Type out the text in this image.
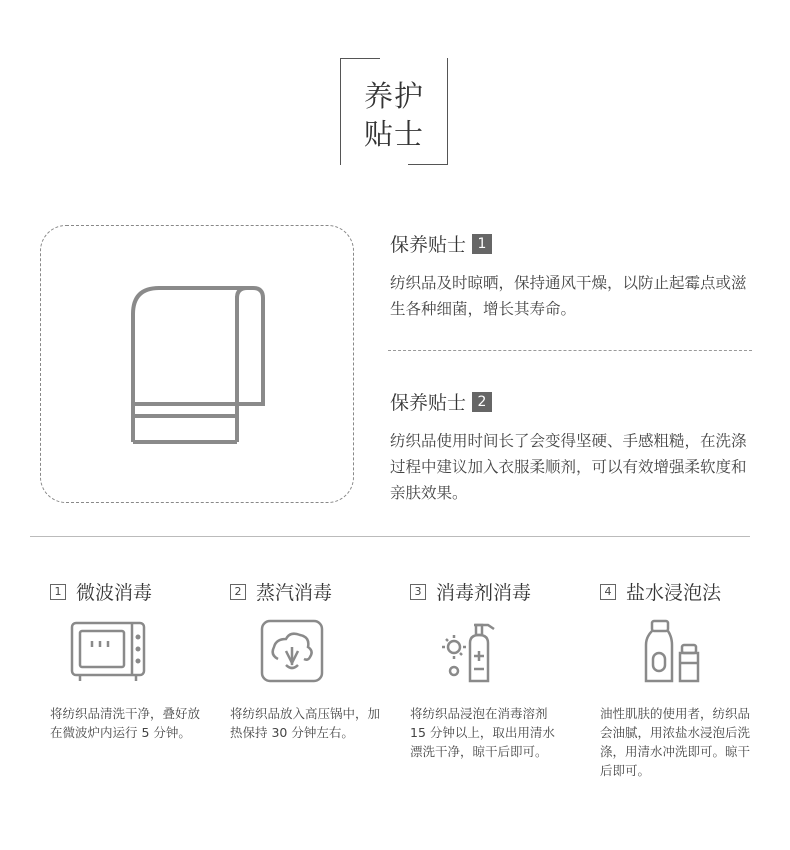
养护
贴士
保养贴士 1
纺织品及时晾晒，保持通风干燥，以防止起霉点或滋生各种细菌，增长其寿命。
保养贴士 2
纺织品使用时间长了会变得坚硬、手感粗糙，在洗涤过程中建议加入衣服柔顺剂，可以有效增强柔软度和亲肤效果。
1 微波消毒
将纺织品清洗干净，叠好放在微波炉内运行 5 分钟。
2 蒸汽消毒
将纺织品放入高压锅中，加热保持 30 分钟左右。
3 消毒剂消毒
将纺织品浸泡在消毒溶剂 15 分钟以上，取出用清水漂洗干净，晾干后即可。
4 盐水浸泡法
油性肌肤的使用者，纺织品会油腻，用浓盐水浸泡后洗涤，用清水冲洗即可。晾干后即可。
